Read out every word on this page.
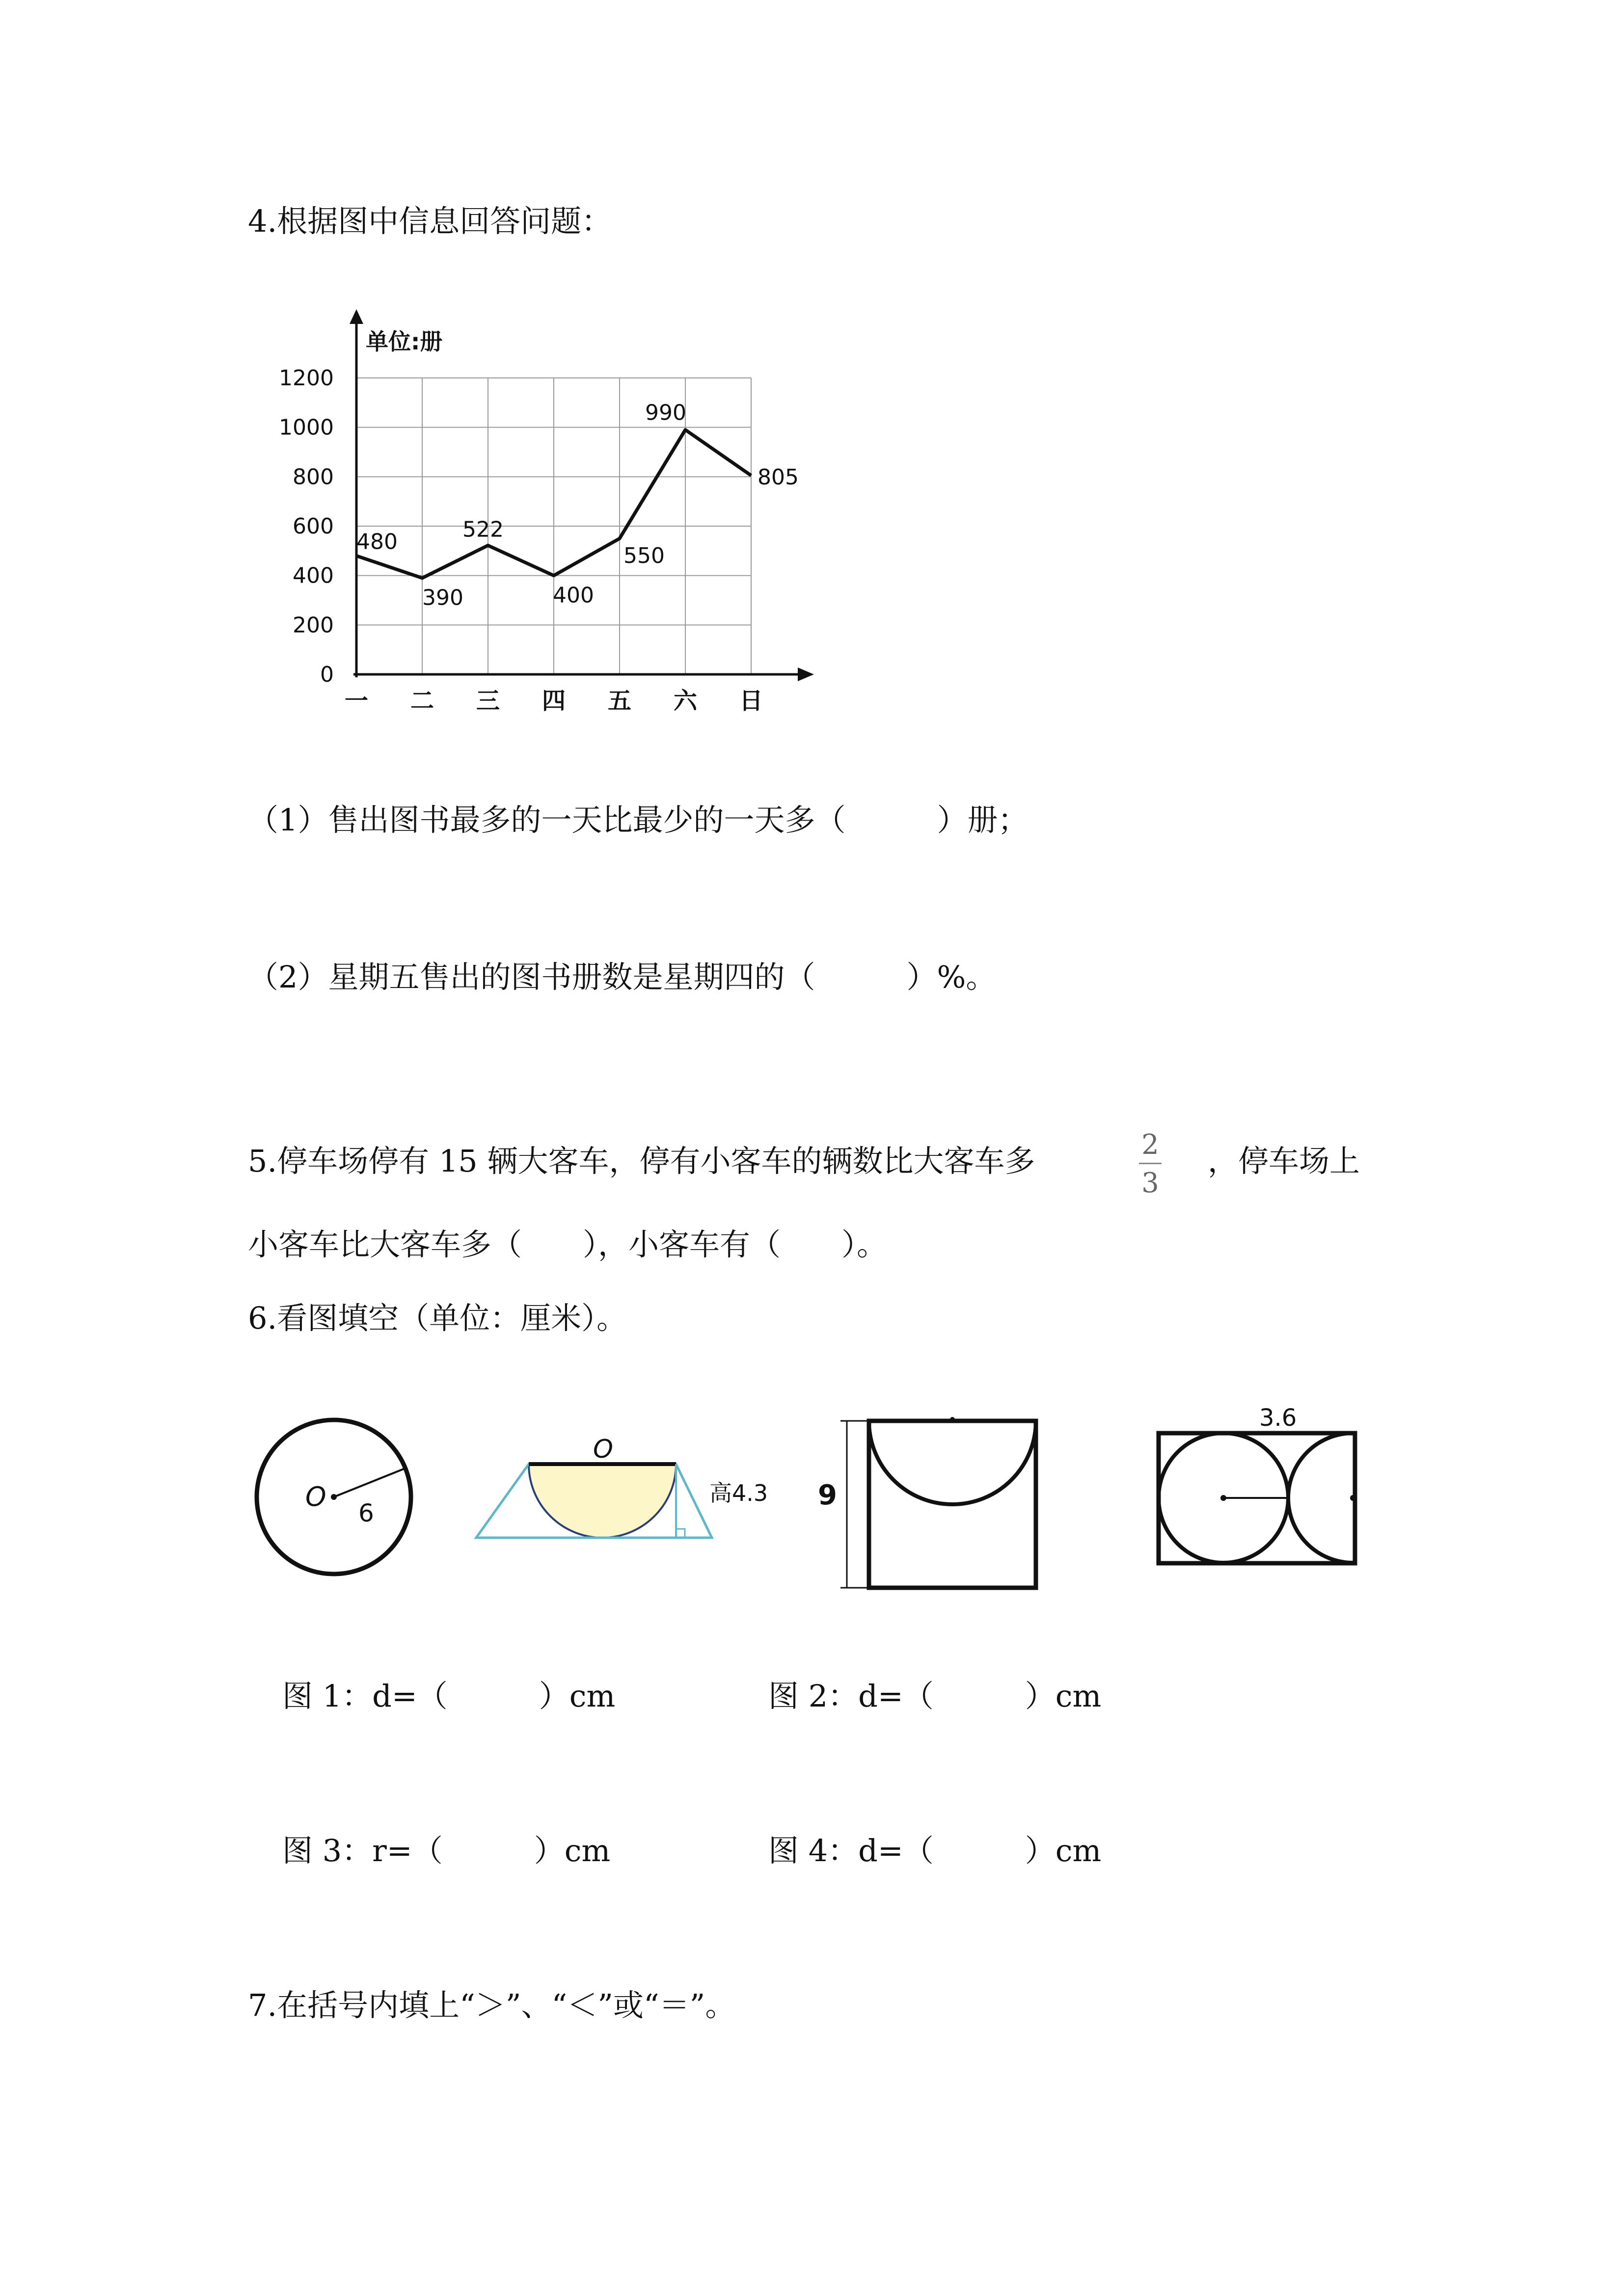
4.根据图中信息回答问题：
单位:册
0
200
400
600
800
1000
1200
一 二 三 四 五 六 日
480
390
522
400
550
990
805
（1）售出图书最多的一天比最少的一天多（　　　）册；
（2）星期五售出的图书册数是星期四的（　　　）%。
5.停车场停有 15 辆大客车，停有小客车的辆数比大客车多	2
3
，停车场上
小客车比大客车多（　　），小客车有（　　）。
6.看图填空（单位：厘米）。
O
6
O
高4.3 9
3.6
图 1：d=（　　　）cm	图 2：d=（　　　）cm
图 3：r=（　　　）cm	图 4：d=（　　　）cm
7.在括号内填上“＞”、“＜”或“＝”。
